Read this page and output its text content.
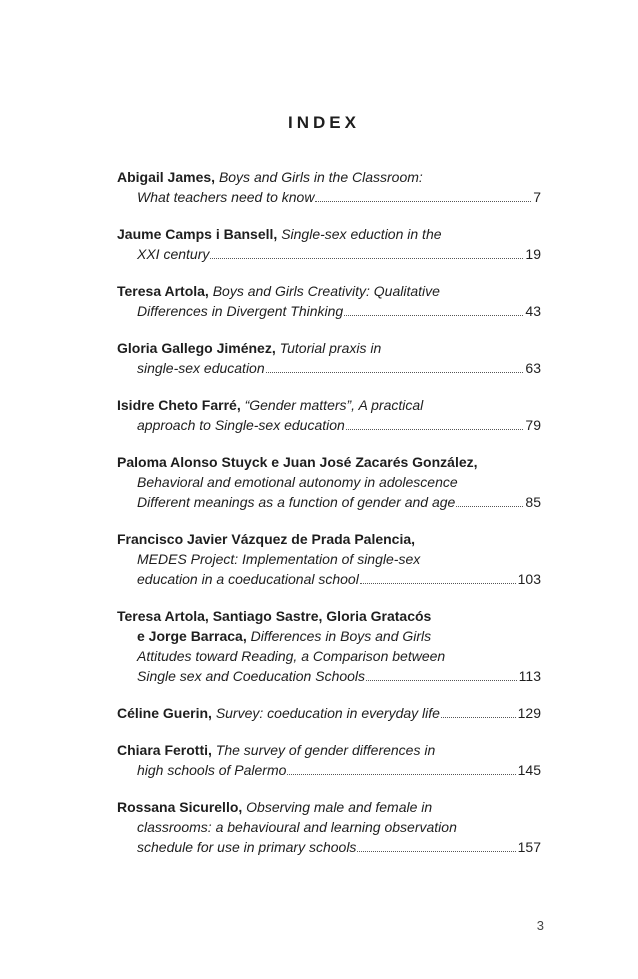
INDEX
Abigail James, Boys and Girls in the Classroom:
What teachers need to know	7
Jaume Camps i Bansell, Single-sex eduction in the
XXI century	19
Teresa Artola, Boys and Girls Creativity: Qualitative
Differences in Divergent Thinking	43
Gloria Gallego Jiménez, Tutorial praxis in
single-sex education	63
Isidre Cheto Farré, “Gender matters”, A practical
approach to Single-sex education	79
Paloma Alonso Stuyck e Juan José Zacarés González,
Behavioral and emotional autonomy in adolescence
Different meanings as a function of gender and age	85
Francisco Javier Vázquez de Prada Palencia,
MEDES Project: Implementation of single-sex
education in a coeducational school	103
Teresa Artola, Santiago Sastre, Gloria Gratacós
e Jorge Barraca, Differences in Boys and Girls
Attitudes toward Reading, a Comparison between
Single sex and Coeducation Schools	113
Céline Guerin,
Survey: coeducation in everyday life	129
Chiara Ferotti, The survey of gender differences in
high schools of Palermo	145
Rossana Sicurello, Observing male and female in
classrooms: a behavioural and learning observation
schedule for use in primary schools	157
3
